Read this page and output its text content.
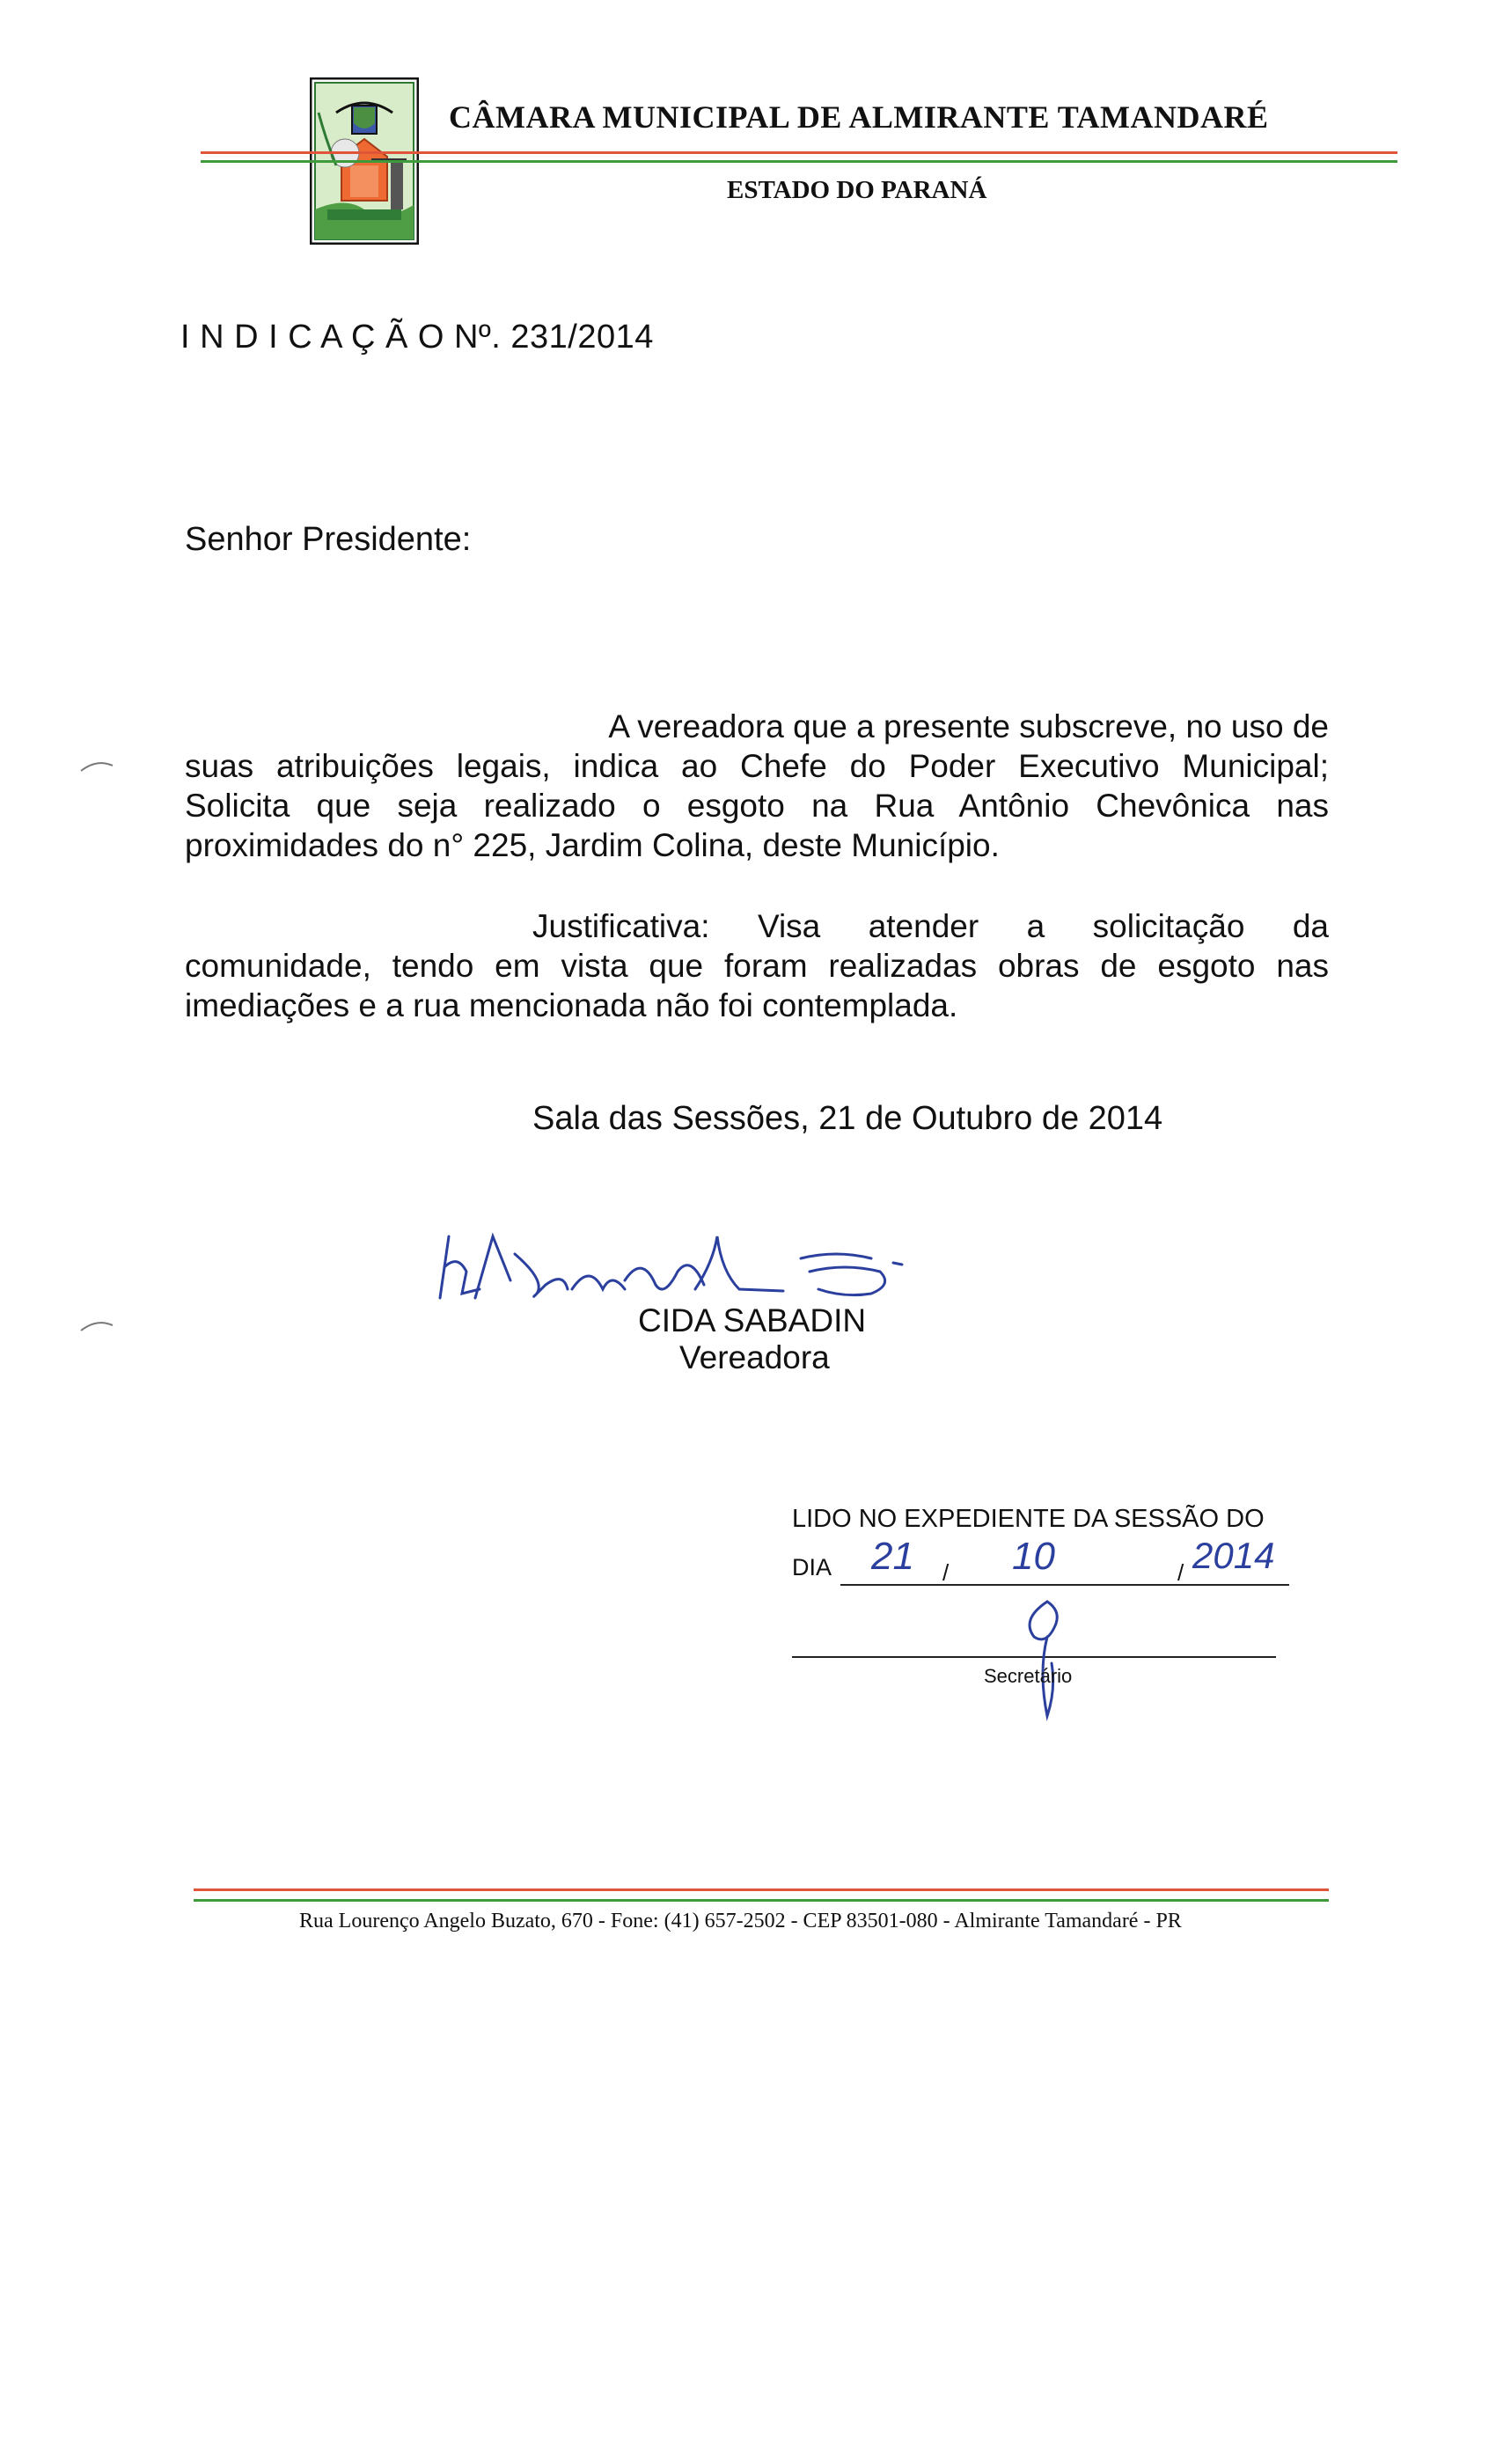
CÂMARA MUNICIPAL DE ALMIRANTE TAMANDARÉ
ESTADO DO PARANÁ
I N D I C A Ç Ã O Nº. 231/2014
Senhor Presidente:
A vereadora que a presente subscreve, no uso de
suas atribuições legais, indica ao Chefe do Poder Executivo Municipal;
Solicita que seja realizado o esgoto na Rua Antônio Chevônica nas
proximidades do n° 225, Jardim Colina, deste Município.
Justificativa: Visa atender a solicitação da
comunidade, tendo em vista que foram realizadas obras de esgoto nas
imediações e a rua mencionada não foi contemplada.
Sala das Sessões, 21 de Outubro de 2014
CIDA SABADIN
Vereadora
LIDO NO EXPEDIENTE DA SESSÃO DO
DIA 21 / 10	/ 2014
Secretário
Rua Lourenço Angelo Buzato, 670 - Fone: (41) 657-2502 - CEP 83501-080 - Almirante Tamandaré - PR
